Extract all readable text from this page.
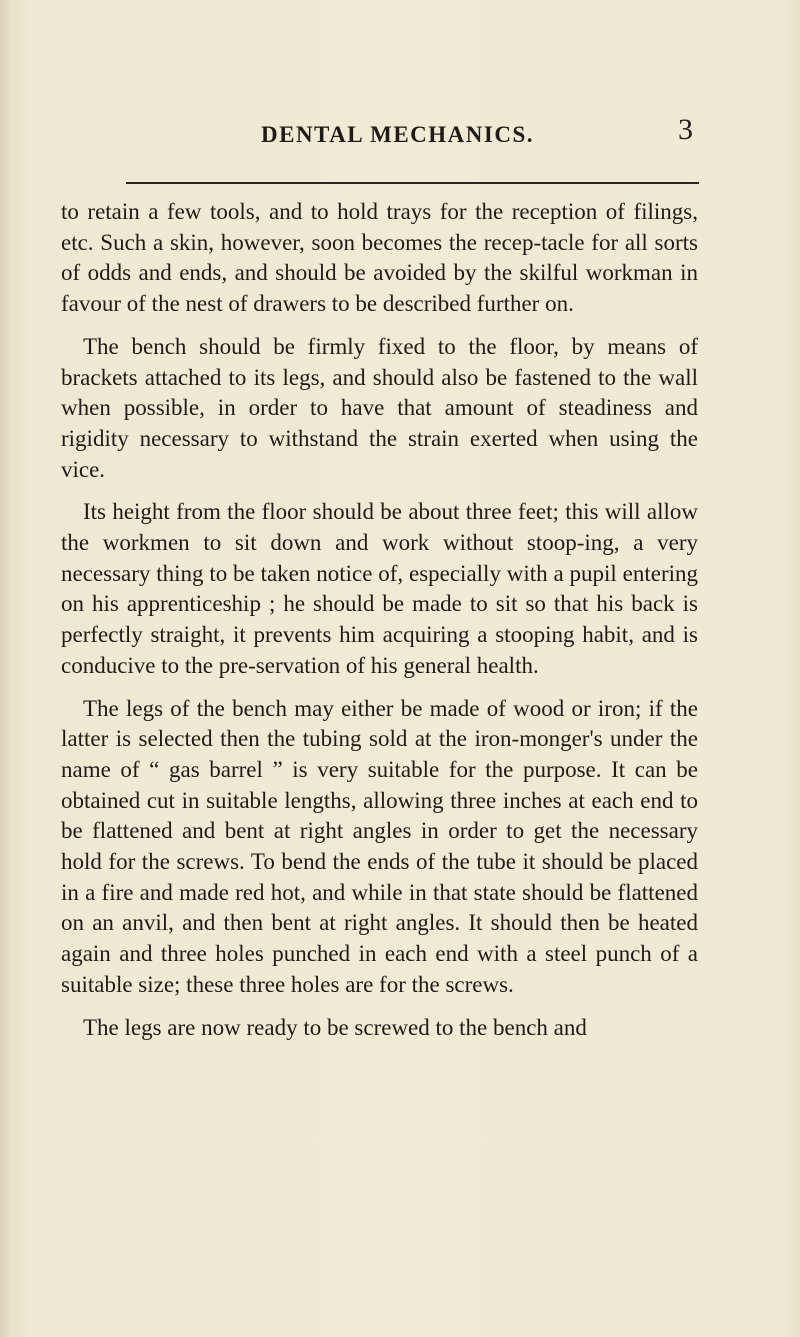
DENTAL MECHANICS.	3

to retain a few tools, and to hold trays for the reception of filings, etc. Such a skin, however, soon becomes the recep-tacle for all sorts of odds and ends, and should be avoided by the skilful workman in favour of the nest of drawers to be described further on.

The bench should be firmly fixed to the floor, by means of brackets attached to its legs, and should also be fastened to the wall when possible, in order to have that amount of steadiness and rigidity necessary to withstand the strain exerted when using the vice.

Its height from the floor should be about three feet; this will allow the workmen to sit down and work without stoop-ing, a very necessary thing to be taken notice of, especially with a pupil entering on his apprenticeship ; he should be made to sit so that his back is perfectly straight, it prevents him acquiring a stooping habit, and is conducive to the pre-servation of his general health.

The legs of the bench may either be made of wood or iron; if the latter is selected then the tubing sold at the iron-monger's under the name of “ gas barrel ” is very suitable for the purpose. It can be obtained cut in suitable lengths, allowing three inches at each end to be flattened and bent at right angles in order to get the necessary hold for the screws. To bend the ends of the tube it should be placed in a fire and made red hot, and while in that state should be flattened on an anvil, and then bent at right angles. It should then be heated again and three holes punched in each end with a steel punch of a suitable size; these three holes are for the screws.

The legs are now ready to be screwed to the bench and
